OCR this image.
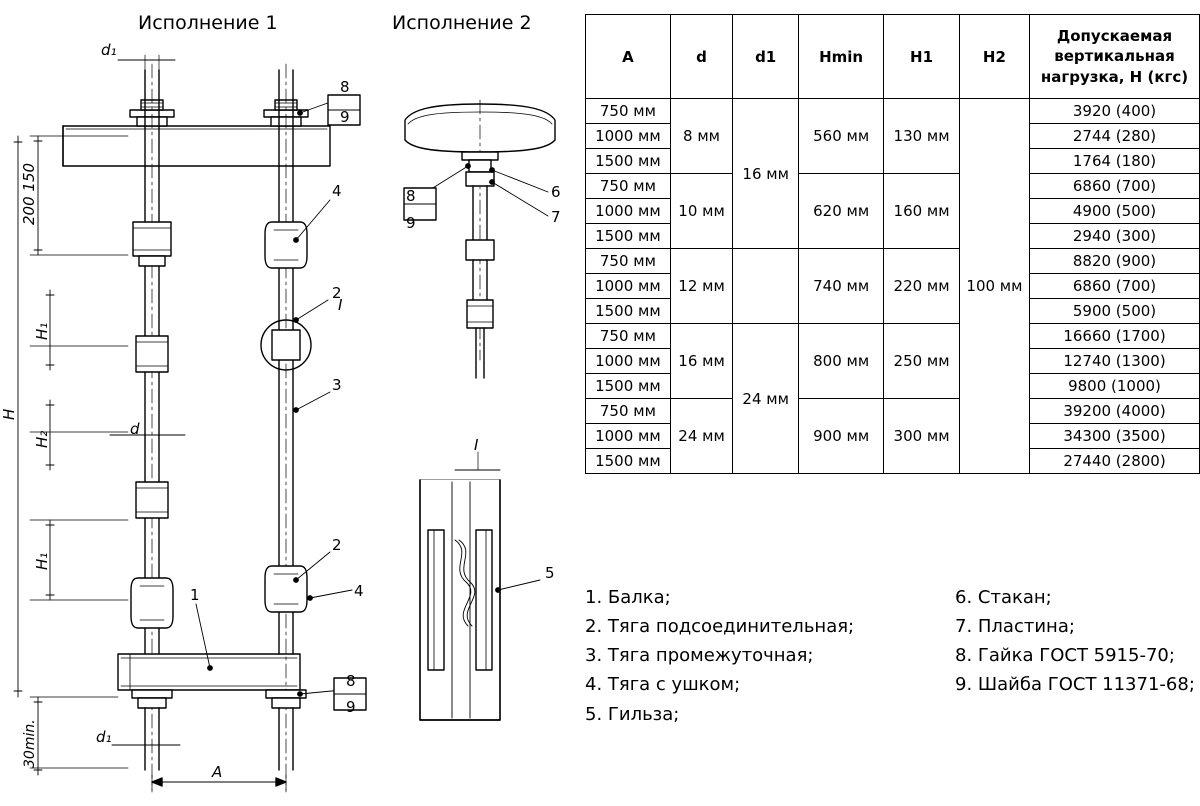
Исполнение 1	Исполнение 2
d₁
d
d₁
A
H
H₁
H₂
H₁
200 150
30min.
8
9
4
2
3
2
4
1
8
9
8
9
6
7
5
I
I
A	d	d1	Hmin	H1	H2	Допускаемая
вертикальная
нагрузка, Н (кгс)

750 мм	8 мм	16 мм	560 мм	130 мм	100 мм	3920 (400)
1000 мм						2744 (280)
1500 мм						1764 (180)
750 мм	10 мм		620 мм	160 мм		6860 (700)
1000 мм						4900 (500)
1500 мм						2940 (300)
750 мм	12 мм		740 мм	220 мм		8820 (900)
1000 мм						6860 (700)
1500 мм						5900 (500)
750 мм	16 мм	24 мм	800 мм	250 мм		16660 (1700)
1000 мм						12740 (1300)
1500 мм						9800 (1000)
750 мм	24 мм		900 мм	300 мм		39200 (4000)
1000 мм						34300 (3500)
1500 мм						27440 (2800)
1. Балка;
2. Тяга подсоединительная;
3. Тяга промежуточная;
4. Тяга с ушком;
5. Гильза;
6. Стакан;
7. Пластина;
8. Гайка ГОСТ 5915-70;
9. Шайба ГОСТ 11371-68;
